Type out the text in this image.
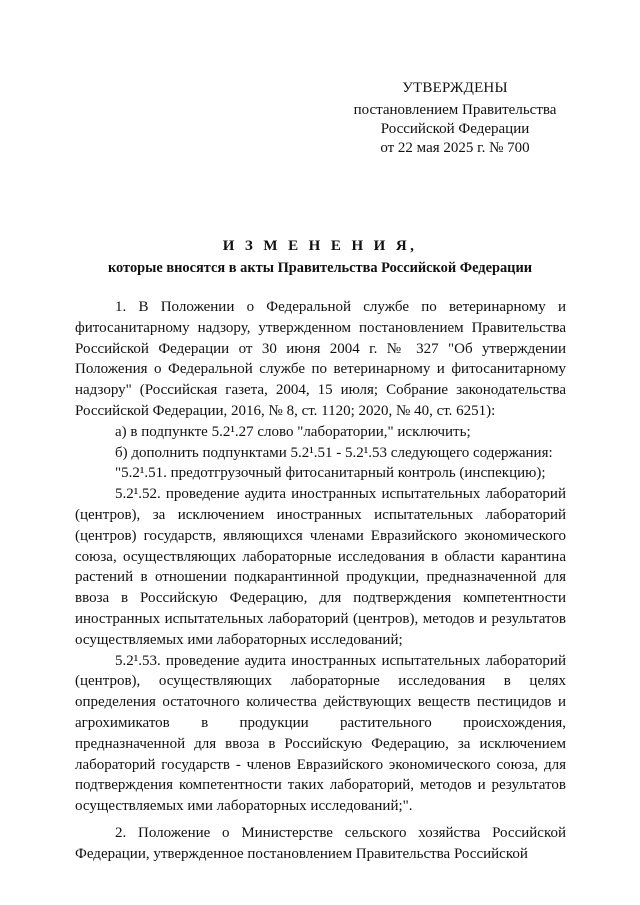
УТВЕРЖДЕНЫ
постановлением Правительства
Российской Федерации
от 22 мая 2025 г. № 700
И З М Е Н Е Н И Я,
которые вносятся в акты Правительства Российской Федерации

1. В Положении о Федеральной службе по ветеринарному и фитосанитарному надзору, утвержденном постановлением Правительства Российской Федерации от 30 июня 2004 г. № 327 "Об утверждении Положения о Федеральной службе по ветеринарному и фитосанитарному надзору" (Российская газета, 2004, 15 июля; Собрание законодательства Российской Федерации, 2016, № 8, ст. 1120; 2020, № 40, ст. 6251):

а) в подпункте 5.2¹.27 слово "лаборатории," исключить;

б) дополнить подпунктами 5.2¹.51 - 5.2¹.53 следующего содержания:

"5.2¹.51. предотгрузочный фитосанитарный контроль (инспекцию);

5.2¹.52. проведение аудита иностранных испытательных лабораторий (центров), за исключением иностранных испытательных лабораторий (центров) государств, являющихся членами Евразийского экономического союза, осуществляющих лабораторные исследования в области карантина растений в отношении подкарантинной продукции, предназначенной для ввоза в Российскую Федерацию, для подтверждения компетентности иностранных испытательных лабораторий (центров), методов и результатов осуществляемых ими лабораторных исследований;

5.2¹.53. проведение аудита иностранных испытательных лабораторий (центров), осуществляющих лабораторные исследования в целях определения остаточного количества действующих веществ пестицидов и агрохимикатов в продукции растительного происхождения, предназначенной для ввоза в Российскую Федерацию, за исключением лабораторий государств - членов Евразийского экономического союза, для подтверждения компетентности таких лабораторий, методов и результатов осуществляемых ими лабораторных исследований;".

2. Положение о Министерстве сельского хозяйства Российской Федерации, утвержденное постановлением Правительства Российской
